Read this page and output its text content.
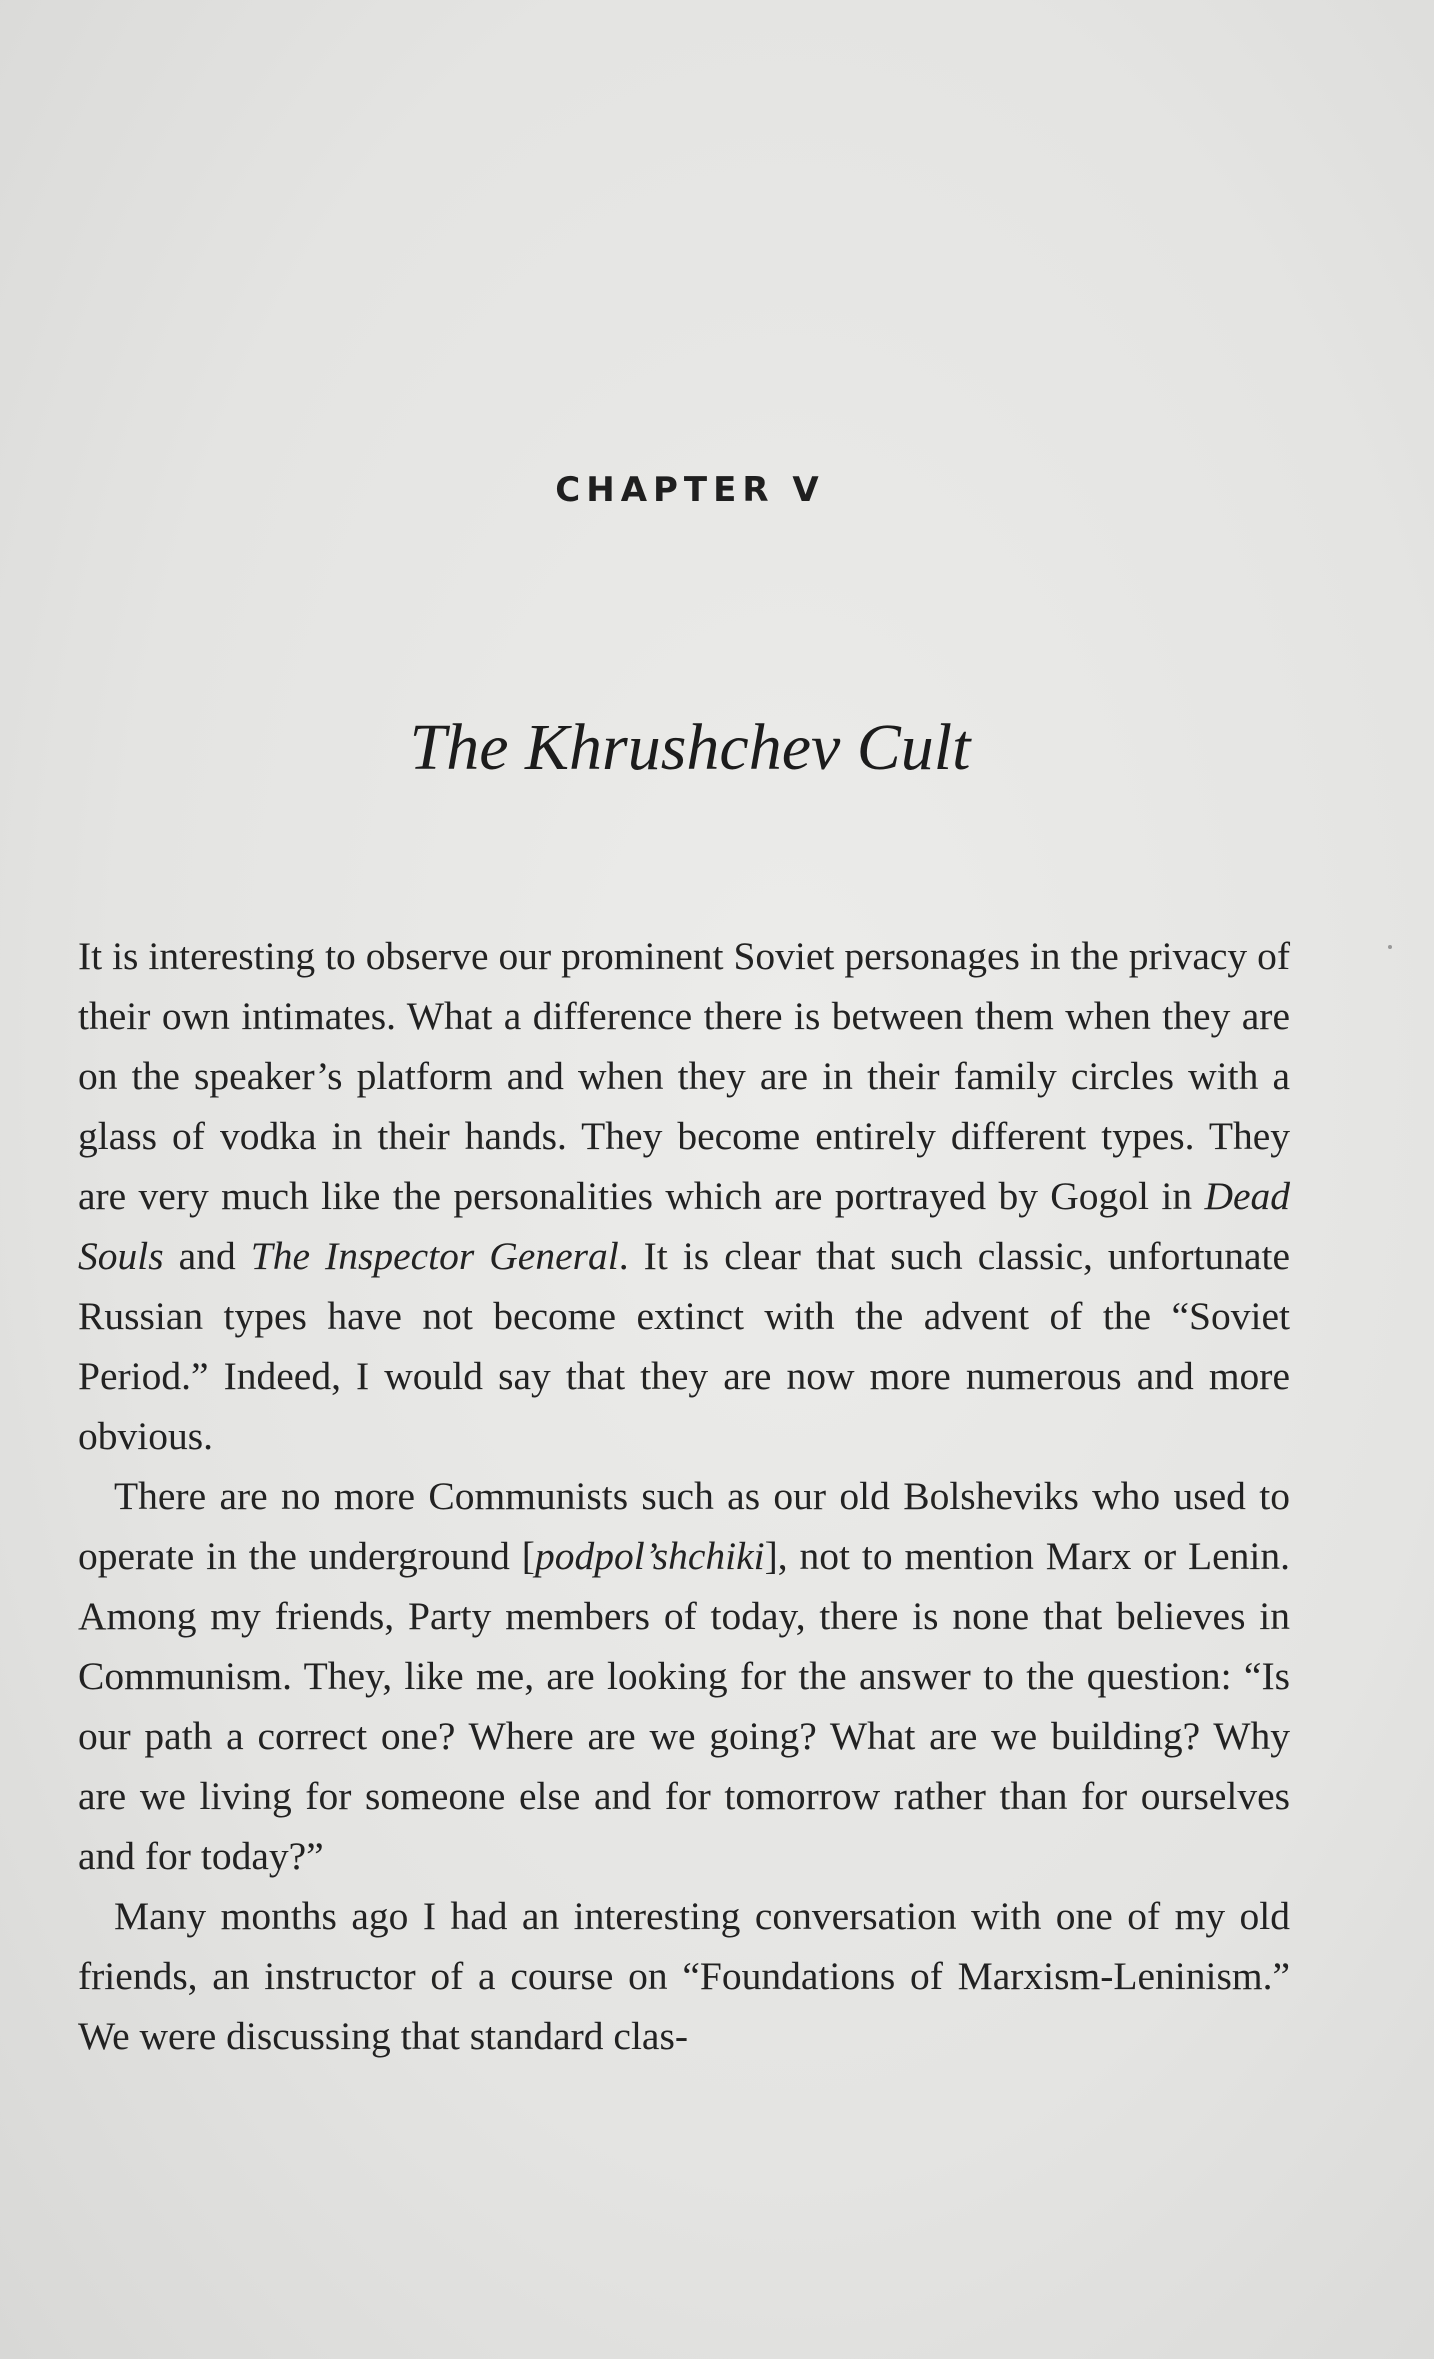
CHAPTER V
The Khrushchev Cult

It is interesting to observe our prominent Soviet personages in the privacy of their own intimates. What a difference there is between them when they are on the speaker’s platform and when they are in their family circles with a glass of vodka in their hands. They become entirely different types. They are very much like the personalities which are portrayed by Gogol in Dead Souls and The Inspector General. It is clear that such classic, unfortunate Russian types have not become extinct with the advent of the “Soviet Period.” Indeed, I would say that they are now more numerous and more obvious.

There are no more Communists such as our old Bolsheviks who used to operate in the underground [podpol’shchiki], not to mention Marx or Lenin. Among my friends, Party members of today, there is none that believes in Communism. They, like me, are looking for the answer to the question: “Is our path a correct one? Where are we going? What are we building? Why are we living for someone else and for tomorrow rather than for ourselves and for today?”

Many months ago I had an interesting conversation with one of my old friends, an instructor of a course on “Foundations of Marxism-Leninism.” We were discussing that standard clas-
